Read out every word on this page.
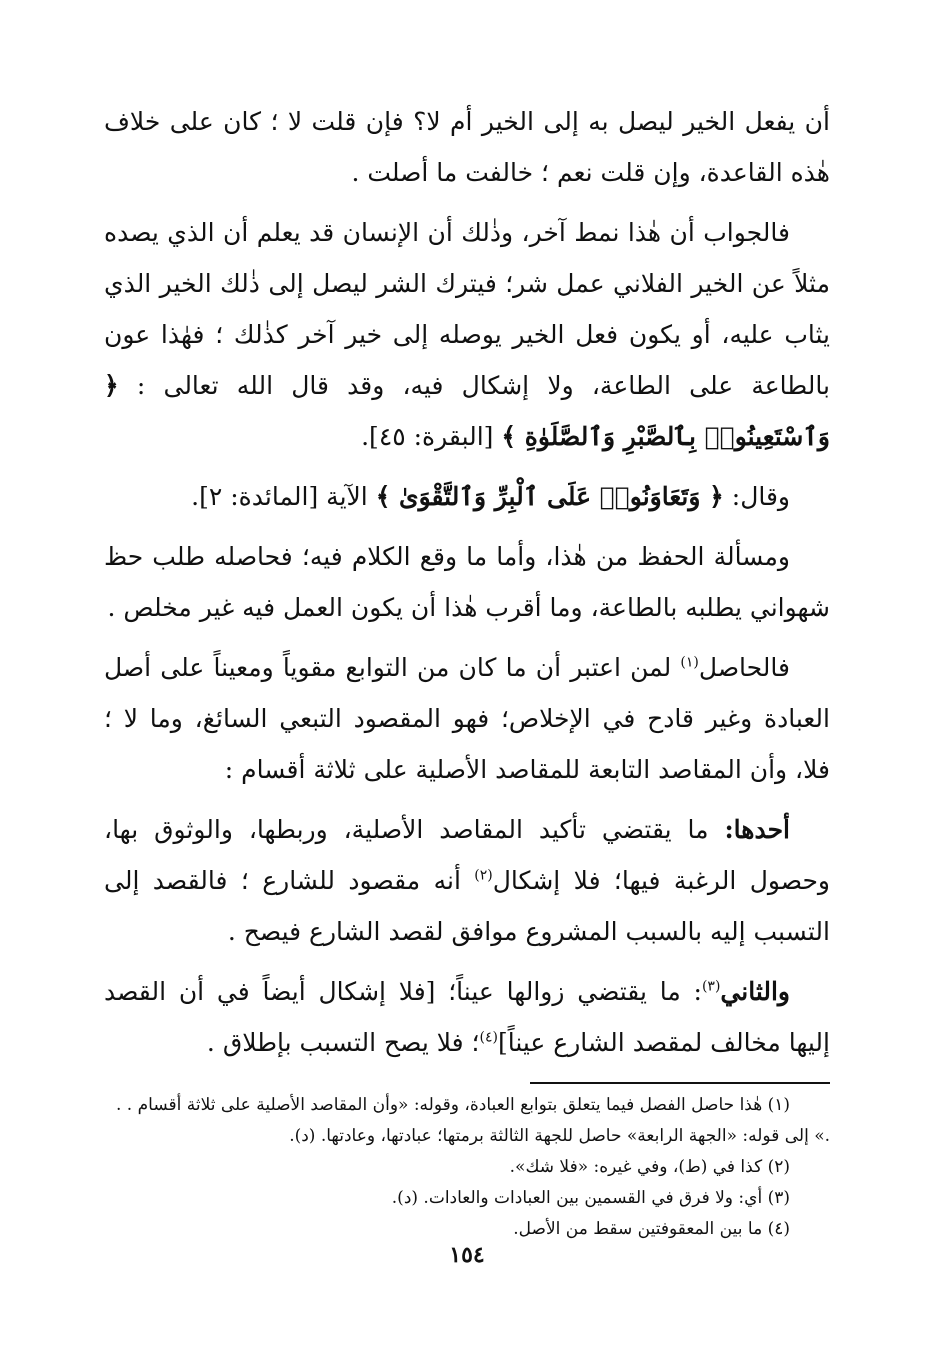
أن يفعل الخير ليصل به إلى الخير أم لا؟ فإن قلت لا ؛ كان على خلاف هٰذه القاعدة، وإن قلت نعم ؛ خالفت ما أصلت .

فالجواب أن هٰذا نمط آخر، وذٰلك أن الإنسان قد يعلم أن الذي يصده مثلاً عن الخير الفلاني عمل شر؛ فيترك الشر ليصل إلى ذٰلك الخير الذي يثاب عليه، أو يكون فعل الخير يوصله إلى خير آخر كذٰلك ؛ فهٰذا عون بالطاعة على الطاعة، ولا إشكال فيه، وقد قال الله تعالى : ﴿ وَٱسْتَعِينُوا۟ بِٱلصَّبْرِ وَٱلصَّلَوٰةِ ﴾ [البقرة: ٤٥].

وقال: ﴿ وَتَعَاوَنُوا۟ عَلَى ٱلْبِرِّ وَٱلتَّقْوَىٰ ﴾ الآية [المائدة: ٢].

ومسألة الحفظ من هٰذا، وأما ما وقع الكلام فيه؛ فحاصله طلب حظ شهواني يطلبه بالطاعة، وما أقرب هٰذا أن يكون العمل فيه غير مخلص .

فالحاصل$^{(١)}$ لمن اعتبر أن ما كان من التوابع مقوياً ومعيناً على أصل العبادة وغير قادح في الإخلاص؛ فهو المقصود التبعي السائغ، وما لا ؛ فلا، وأن المقاصد التابعة للمقاصد الأصلية على ثلاثة أقسام :

أحدها: ما يقتضي تأكيد المقاصد الأصلية، وربطها، والوثوق بها، وحصول الرغبة فيها؛ فلا إشكال$^{(٢)}$ أنه مقصود للشارع ؛ فالقصد إلى التسبب إليه بالسبب المشروع موافق لقصد الشارع فيصح .

والثاني$^{(٣)}$: ما يقتضي زوالها عيناً؛ [فلا إشكال أيضاً في أن القصد إليها مخالف لمقصد الشارع عيناً]$^{(٤)}$؛ فلا يصح التسبب بإطلاق .

(١) هٰذا حاصل الفصل فيما يتعلق بتوابع العبادة، وقوله: «وأن المقاصد الأصلية على ثلاثة أقسام . . .» إلى قوله: «الجهة الرابعة» حاصل للجهة الثالثة برمتها؛ عبادتها، وعادتها. (د).

(٢) كذا في (ط)، وفي غيره: «فلا شك».

(٣) أي: ولا فرق في القسمين بين العبادات والعادات. (د).

(٤) ما بين المعقوفتين سقط من الأصل.

١٥٤
